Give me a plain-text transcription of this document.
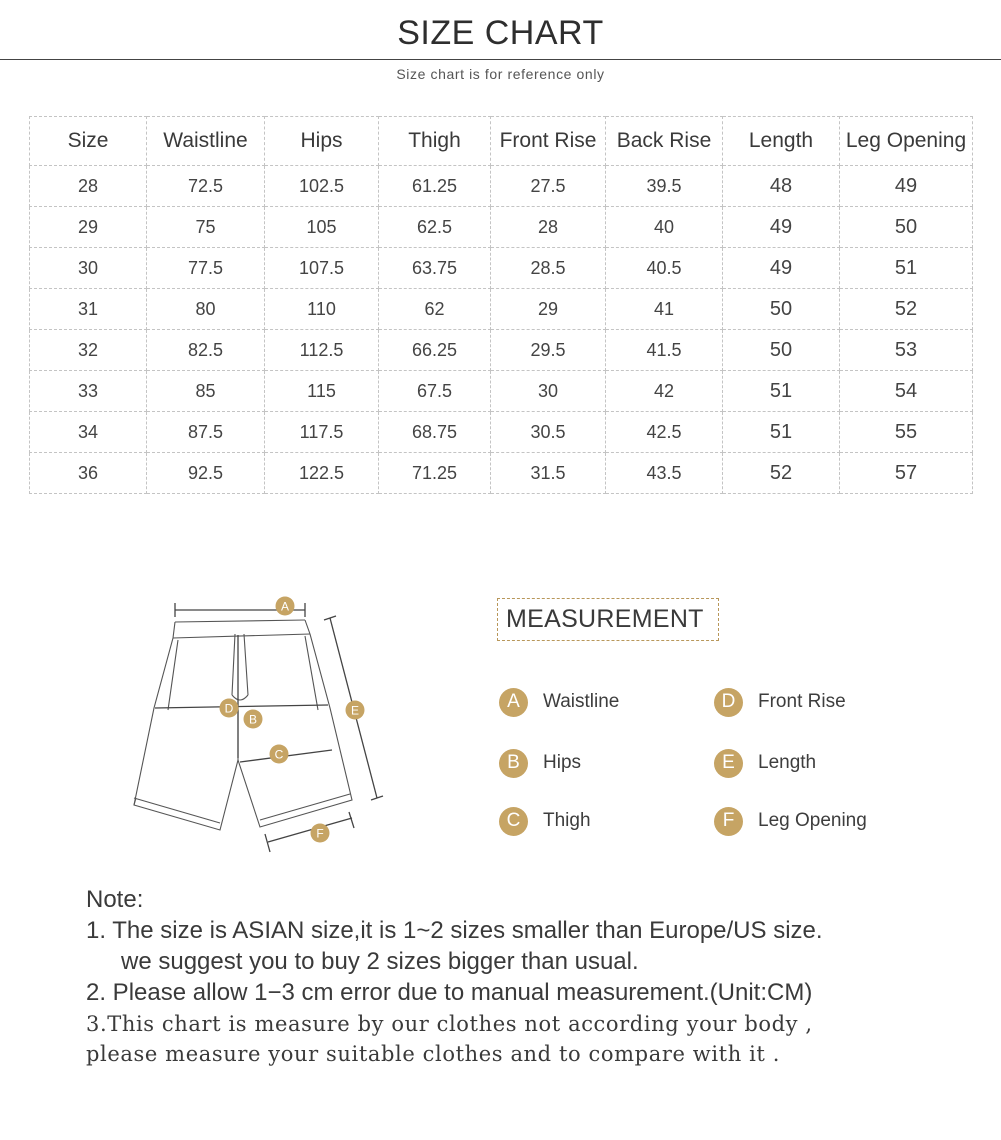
SIZE CHART
Size chart is for reference only
Size	Waistline	Hips	Thigh	Front Rise	Back Rise	Length	Leg Opening
28	72.5	102.5	61.25	27.5	39.5	48	49
29	75	105	62.5	28	40	49	50
30	77.5	107.5	63.75	28.5	40.5	49	51
31	80	110	62	29	41	50	52
32	82.5	112.5	66.25	29.5	41.5	50	53
33	85	115	67.5	30	42	51	54
34	87.5	117.5	68.75	30.5	42.5	51	55
36	92.5	122.5	71.25	31.5	43.5	52	57
A
B
C
D	E
F
MEASUREMENT
A	Waistline
B	Hips
C	Thigh
D	Front Rise
E	Length
F	Leg Opening
Note:
1. The size is ASIAN size,it is 1~2 sizes smaller than Europe/US size.
we suggest you to buy 2 sizes bigger than usual.
2. Please allow 1−3 cm error due to manual measurement.(Unit:CM)
3.This chart is measure by our clothes not according your body ,
please measure your suitable clothes and to compare with it .
